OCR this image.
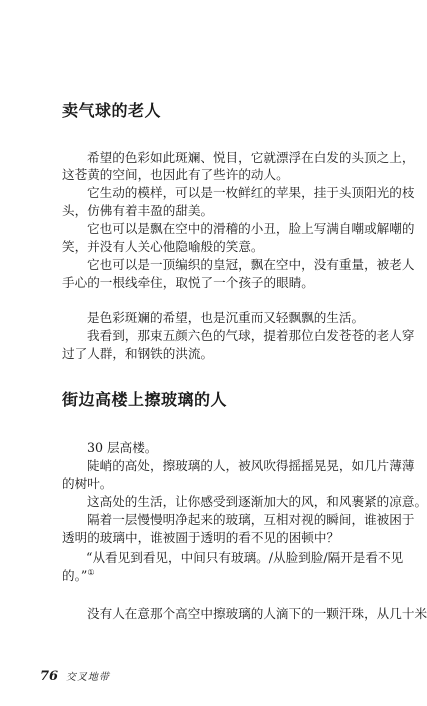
卖气球的老人
希望的色彩如此斑斓、悦目，它就漂浮在白发的头顶之上，
这苍黄的空间，也因此有了些许的动人。
它生动的模样，可以是一枚鲜红的苹果，挂于头顶阳光的枝
头，仿佛有着丰盈的甜美。
它也可以是飘在空中的滑稽的小丑，脸上写满自嘲或解嘲的
笑，并没有人关心他隐喻般的笑意。
它也可以是一顶编织的皇冠，飘在空中，没有重量，被老人
手心的一根线牵住，取悦了一个孩子的眼睛。
是色彩斑斓的希望，也是沉重而又轻飘飘的生活。
我看到，那束五颜六色的气球，提着那位白发苍苍的老人穿
过了人群，和钢铁的洪流。
街边高楼上擦玻璃的人
30 层高楼。
陡峭的高处，擦玻璃的人，被风吹得摇摇晃晃，如几片薄薄
的树叶。
这高处的生活，让你感受到逐渐加大的风，和风裹紧的凉意。
隔着一层慢慢明净起来的玻璃，互相对视的瞬间，谁被困于
透明的玻璃中，谁被圄于透明的看不见的困顿中？
“从看见到看见，中间只有玻璃。/从脸到脸/隔开是看不见
的。”①
没有人在意那个高空中擦玻璃的人滴下的一颗汗珠，从几十米
76 交叉地带
